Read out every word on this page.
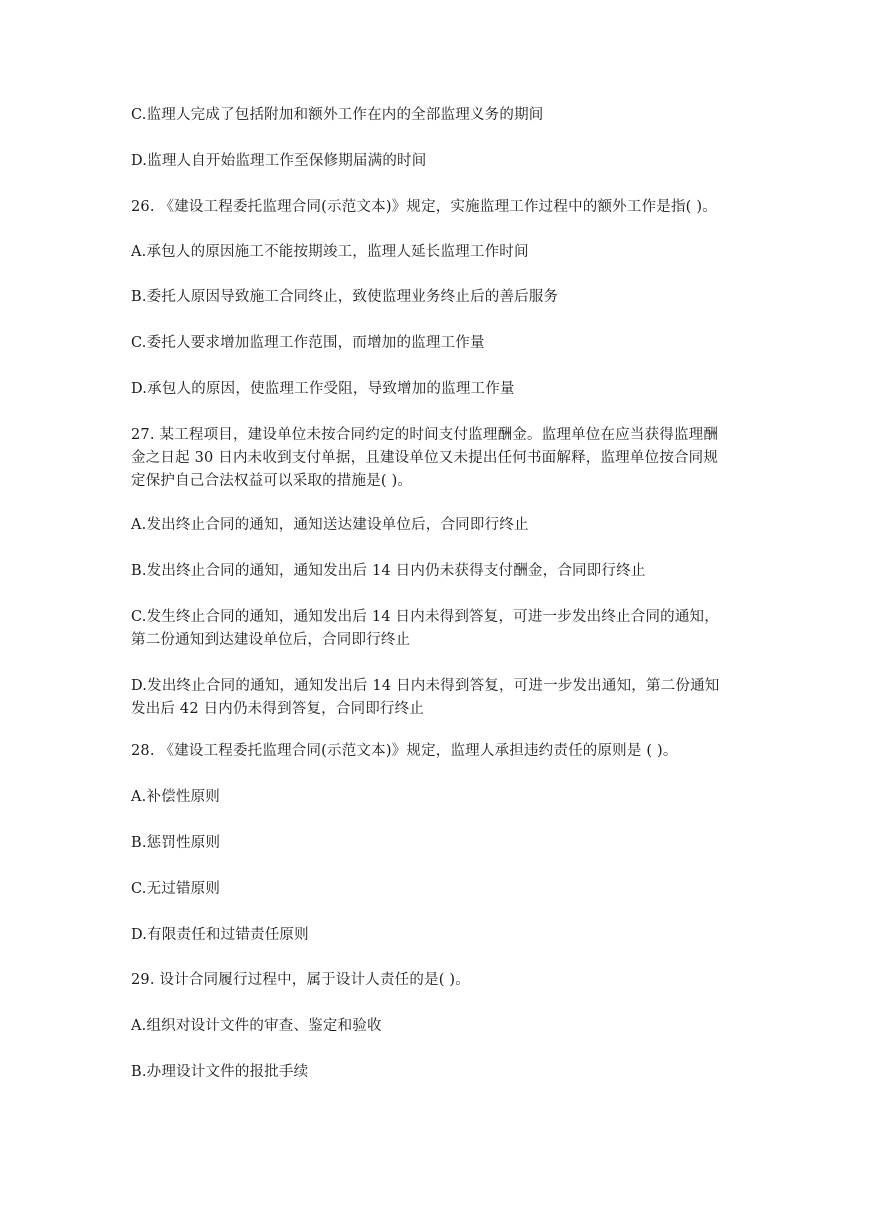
C.监理人完成了包括附加和额外工作在内的全部监理义务的期间
D.监理人自开始监理工作至保修期届满的时间
26. 《建设工程委托监理合同(示范文本)》规定，实施监理工作过程中的额外工作是指( )。
A.承包人的原因施工不能按期竣工，监理人延长监理工作时间
B.委托人原因导致施工合同终止，致使监理业务终止后的善后服务
C.委托人要求增加监理工作范围，而增加的监理工作量
D.承包人的原因，使监理工作受阻，导致增加的监理工作量
27. 某工程项目，建设单位未按合同约定的时间支付监理酬金。监理单位在应当获得监理酬
金之日起 30 日内未收到支付单据，且建设单位又未提出任何书面解释，监理单位按合同规
定保护自己合法权益可以采取的措施是( )。
A.发出终止合同的通知，通知送达建设单位后，合同即行终止
B.发出终止合同的通知，通知发出后 14 日内仍未获得支付酬金，合同即行终止
C.发生终止合同的通知，通知发出后 14 日内未得到答复，可进一步发出终止合同的通知，
第二份通知到达建设单位后，合同即行终止
D.发出终止合同的通知，通知发出后 14 日内未得到答复，可进一步发出通知，第二份通知
发出后 42 日内仍未得到答复，合同即行终止
28. 《建设工程委托监理合同(示范文本)》规定，监理人承担违约责任的原则是 ( )。
A.补偿性原则
B.惩罚性原则
C.无过错原则
D.有限责任和过错责任原则
29. 设计合同履行过程中，属于设计人责任的是( )。
A.组织对设计文件的审查、鉴定和验收
B.办理设计文件的报批手续
